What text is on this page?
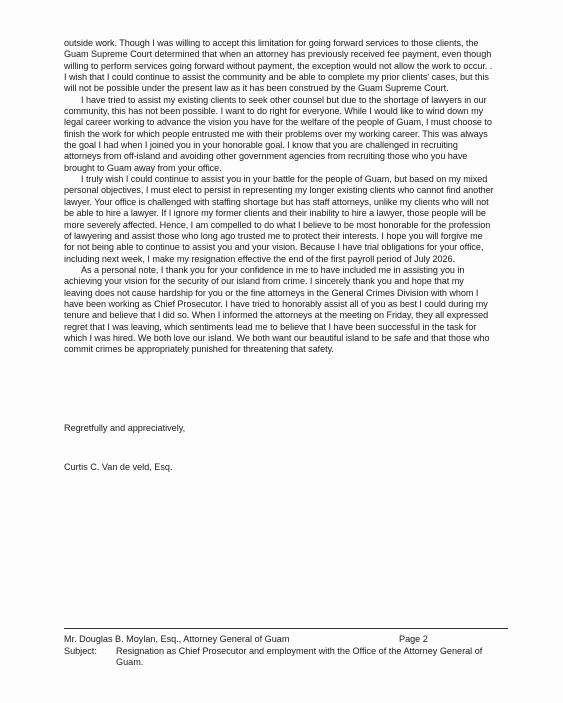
outside work. Though I was willing to accept this limitation for going forward services to those clients, the
Guam Supreme Court determined that when an attorney has previously received fee payment, even though
willing to perform services going forward without payment, the exception would not allow the work to occur. .
I wish that I could continue to assist the community and be able to complete my prior clients' cases, but this
will not be possible under the present law as it has been construed by the Guam Supreme Court.
I have tried to assist my existing clients to seek other counsel but due to the shortage of lawyers in our
community, this has not been possible. I want to do right for everyone. While I would like to wind down my
legal career working to advance the vision you have for the welfare of the people of Guam, I must choose to
finish the work for which people entrusted me with their problems over my working career. This was always
the goal I had when I joined you in your honorable goal. I know that you are challenged in recruiting
attorneys from off-island and avoiding other government agencies from recruiting those who you have
brought to Guam away from your office.
I truly wish I could continue to assist you in your battle for the people of Guam, but based on my mixed
personal objectives, I must elect to persist in representing my longer existing clients who cannot find another
lawyer. Your office is challenged with staffing shortage but has staff attorneys, unlike my clients who will not
be able to hire a lawyer. If I ignore my former clients and their inability to hire a lawyer, those people will be
more severely affected. Hence, I am compelled to do what I believe to be most honorable for the profession
of lawyering and assist those who long ago trusted me to protect their interests. I hope you will forgive me
for not being able to continue to assist you and your vision. Because I have trial obligations for your office,
including next week, I make my resignation effective the end of the first payroll period of July 2026.
As a personal note, I thank you for your confidence in me to have included me in assisting you in
achieving your vision for the security of our island from crime. I sincerely thank you and hope that my
leaving does not cause hardship for you or the fine attorneys in the General Crimes Division with whom I
have been working as Chief Prosecutor. I have tried to honorably assist all of you as best I could during my
tenure and believe that I did so. When I informed the attorneys at the meeting on Friday, they all expressed
regret that I was leaving, which sentiments lead me to believe that I have been successful in the task for
which I was hired. We both love our island. We both want our beautiful island to be safe and that those who
commit crimes be appropriately punished for threatening that safety.
Regretfully and appreciatively,
Curtis C. Van de veld, Esq.
Mr. Douglas B. Moylan, Esq., Attorney General of Guam	Page 2
Subject: Resignation as Chief Prosecutor and employment with the Office of the Attorney General of
Guam.
